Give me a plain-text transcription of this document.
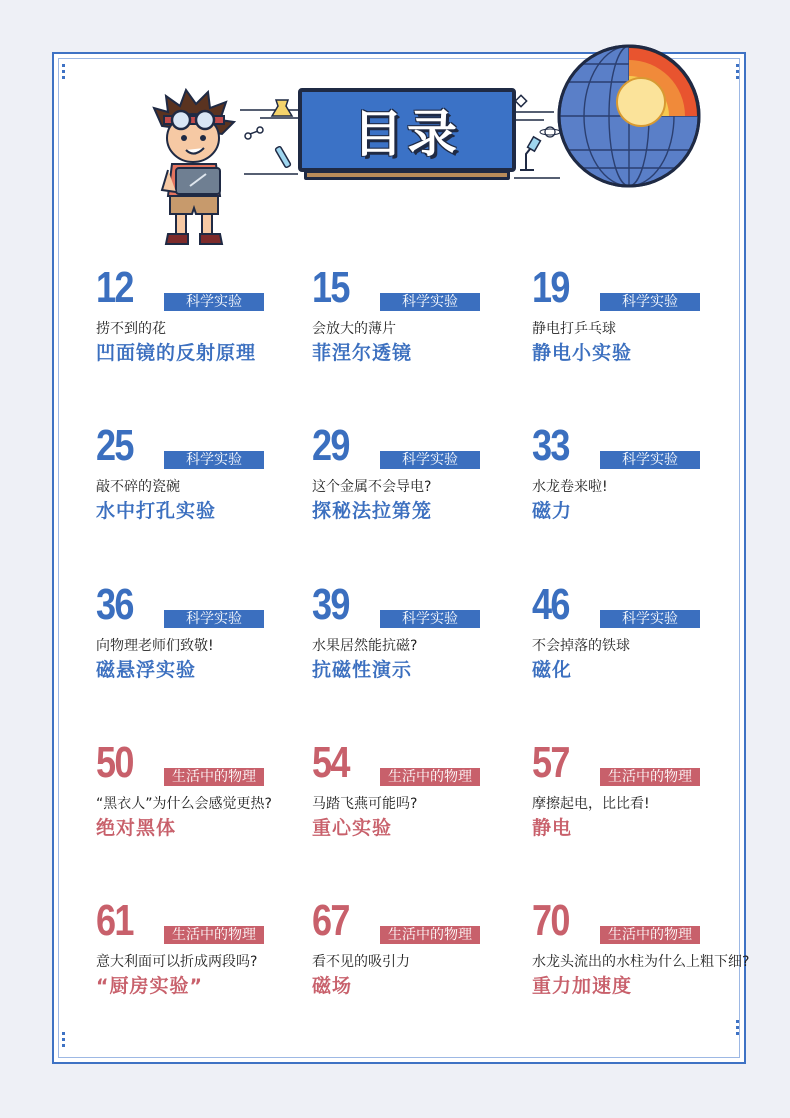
目录
12	科学实验
捞不到的花
凹面镜的反射原理
15	科学实验
会放大的薄片
菲涅尔透镜
19	科学实验
静电打乒乓球
静电小实验
25	科学实验
敲不碎的瓷碗
水中打孔实验
29	科学实验
这个金属不会导电?
探秘法拉第笼
33	科学实验
水龙卷来啦!
磁力
36	科学实验
向物理老师们致敬!
磁悬浮实验
39	科学实验
水果居然能抗磁?
抗磁性演示
46	科学实验
不会掉落的铁球
磁化
50	生活中的物理
“黑衣人”为什么会感觉更热?
绝对黑体
54	生活中的物理
马踏飞燕可能吗?
重心实验
57	生活中的物理
摩擦起电，比比看!
静电
61	生活中的物理
意大利面可以折成两段吗?
“厨房实验”
67	生活中的物理
看不见的吸引力
磁场
70	生活中的物理
水龙头流出的水柱为什么上粗下细?
重力加速度
